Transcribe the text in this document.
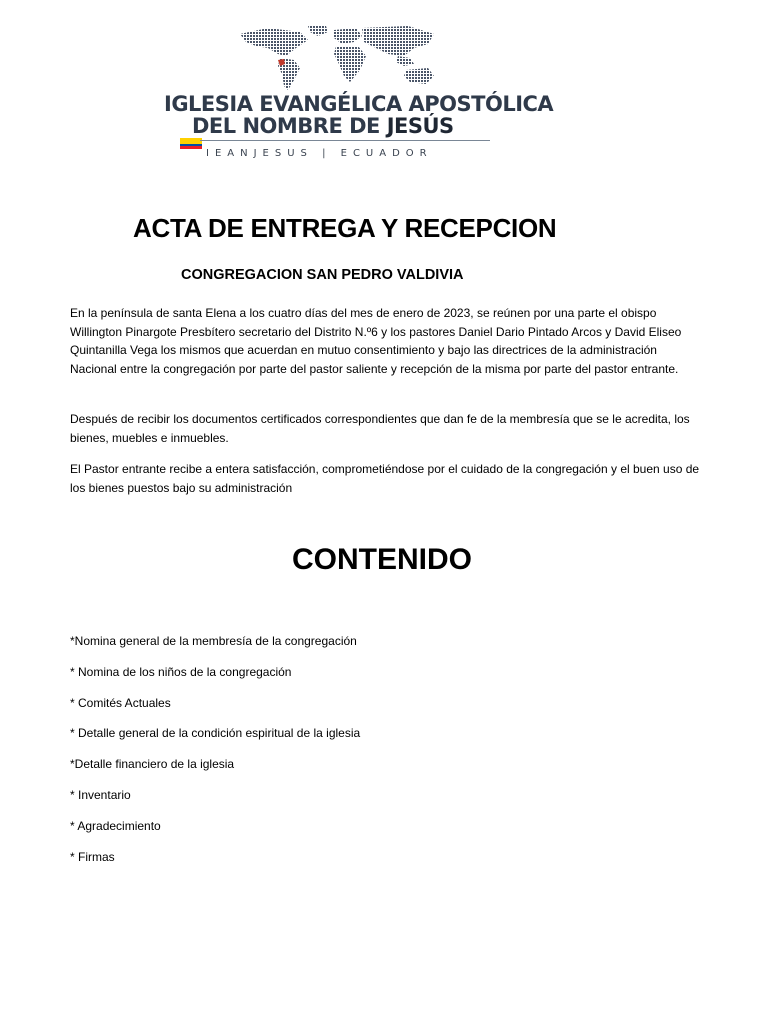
IGLESIA EVANGÉLICA APOSTÓLICA
DEL NOMBRE DE JESÚS
IEANJESUS | ECUADOR
ACTA DE ENTREGA Y RECEPCION
CONGREGACION SAN PEDRO VALDIVIA

En la península de santa Elena a los cuatro días del mes de enero de 2023, se reúnen por una parte el obispo Willington Pinargote Presbítero secretario del Distrito N.º6 y los pastores Daniel Dario Pintado Arcos y David Eliseo Quintanilla Vega los mismos que acuerdan en mutuo consentimiento y bajo las directrices de la administración Nacional entre la congregación por parte del pastor saliente y recepción de la misma por parte del pastor entrante.

Después de recibir los documentos certificados correspondientes que dan fe de la membresía que se le acredita, los bienes, muebles e inmuebles.

El Pastor entrante recibe a entera satisfacción, comprometiéndose por el cuidado de la congregación y el buen uso de los bienes puestos bajo su administración

CONTENIDO
*Nomina general de la membresía de la congregación
* Nomina de los niños de la congregación
* Comités Actuales
* Detalle general de la condición espiritual de la iglesia
*Detalle financiero de la iglesia
* Inventario
* Agradecimiento
* Firmas
